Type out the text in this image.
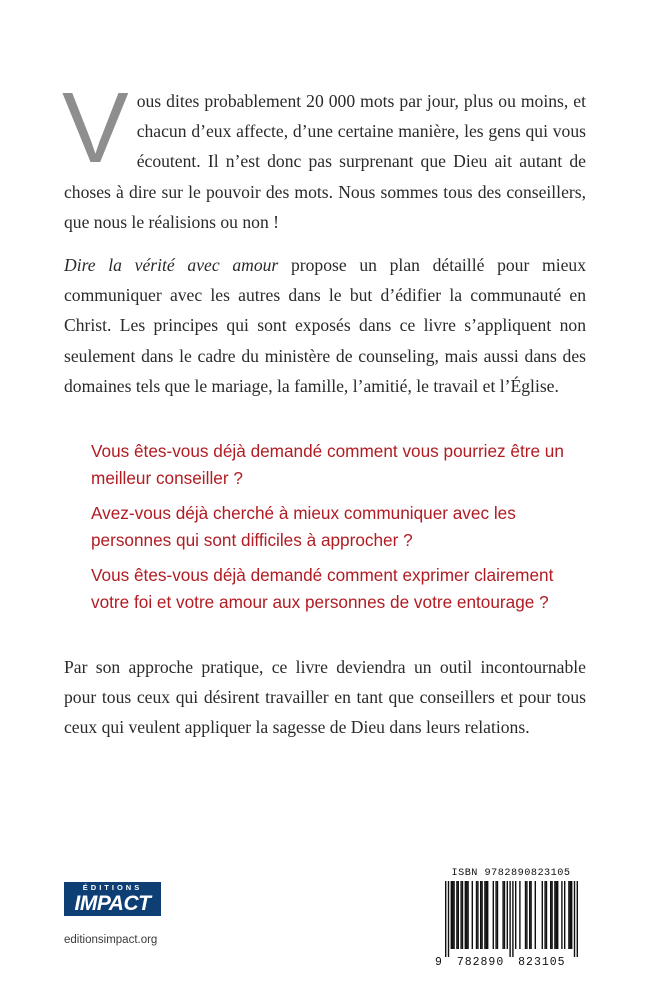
Vous dites probablement 20 000 mots par jour, plus ou moins, et chacun d’eux affecte, d’une certaine manière, les gens qui vous écoutent. Il n’est donc pas surprenant que Dieu ait autant de choses à dire sur le pouvoir des mots. Nous sommes tous des conseillers, que nous le réalisions ou non !
Dire la vérité avec amour propose un plan détaillé pour mieux communiquer avec les autres dans le but d’édifier la communauté en Christ. Les principes qui sont exposés dans ce livre s’appliquent non seulement dans le cadre du ministère de counseling, mais aussi dans des domaines tels que le mariage, la famille, l’amitié, le travail et l’Église.

Vous êtes-vous déjà demandé comment vous pourriez être un meilleur conseiller ?

Avez-vous déjà cherché à mieux communiquer avec les personnes qui sont difficiles à approcher ?

Vous êtes-vous déjà demandé comment exprimer clairement votre foi et votre amour aux personnes de votre entourage ?

Par son approche pratique, ce livre deviendra un outil incontournable pour tous ceux qui désirent travailler en tant que conseillers et pour tous ceux qui veulent appliquer la sagesse de Dieu dans leurs relations.
ÉDITIONS
IMPACT
editionsimpact.org
ISBN 9782890823105
9 782890 823105
